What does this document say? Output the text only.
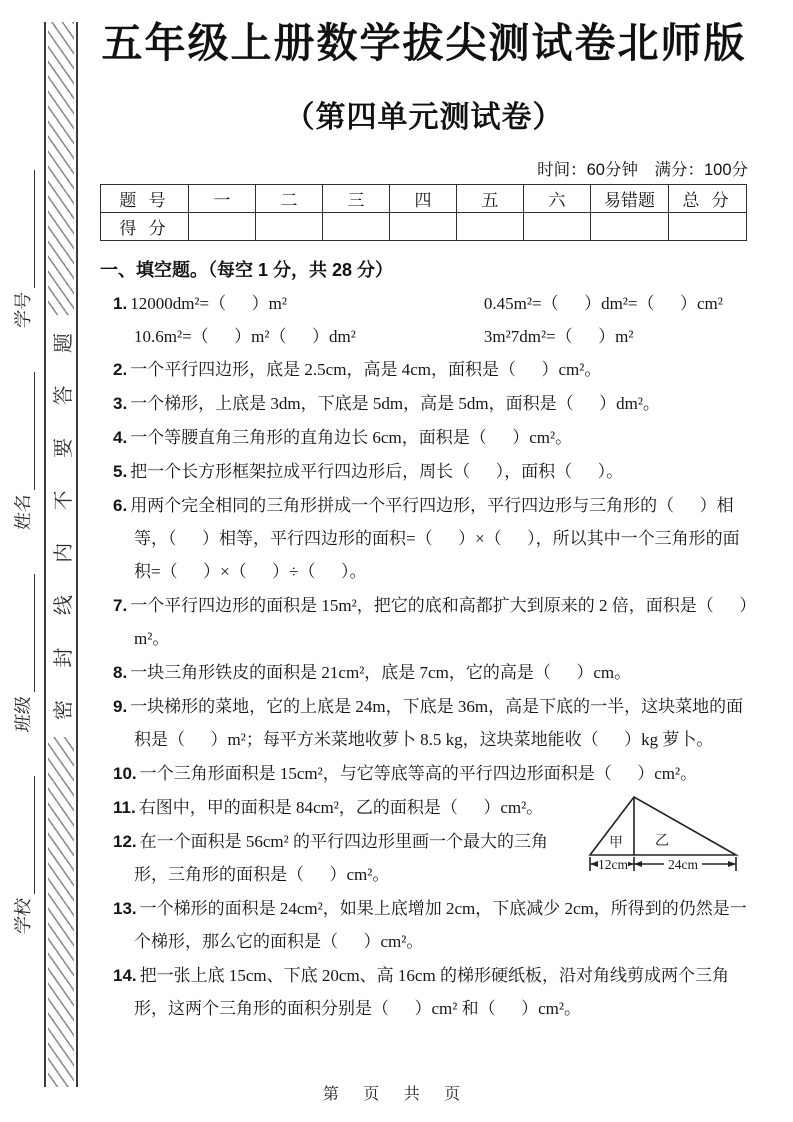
学校
班级
姓名
学号
密
封
线
内
不
要
答
题
五年级上册数学拔尖测试卷北师版
（第四单元测试卷）
时间：60分钟　满分：100分
题 号	一	二	三	四	五	六	易错题	总 分
得 分								
一、填空题。（每空 1 分，共 28 分）
1. 12000dm²=（      ）m²	0.45m²=（      ）dm²=（      ）cm²
10.6m²=（      ）m²（      ）dm²	3m²7dm²=（      ）m²
2. 一个平行四边形，底是 2.5cm，高是 4cm，面积是（      ）cm²。
3. 一个梯形，上底是 3dm，下底是 5dm，高是 5dm，面积是（      ）dm²。
4. 一个等腰直角三角形的直角边长 6cm，面积是（      ）cm²。
5. 把一个长方形框架拉成平行四边形后，周长（      ），面积（      ）。
6. 用两个完全相同的三角形拼成一个平行四边形，平行四边形与三角形的（      ）相等，（      ）相等，平行四边形的面积=（      ）×（      ），所以其中一个三角形的面积=（      ）×（      ）÷（      ）。
7. 一个平行四边形的面积是 15m²，把它的底和高都扩大到原来的 2 倍，面积是（      ）m²。
8. 一块三角形铁皮的面积是 21cm²，底是 7cm，它的高是（      ）cm。
9. 一块梯形的菜地，它的上底是 24m，下底是 36m，高是下底的一半，这块菜地的面积是（      ）m²；每平方米菜地收萝卜 8.5 kg，这块菜地能收（      ）kg 萝卜。
10. 一个三角形面积是 15cm²，与它等底等高的平行四边形面积是（      ）cm²。
甲 乙
12cm	24cm
11. 右图中，甲的面积是 84cm²，乙的面积是（      ）cm²。
12. 在一个面积是 56cm² 的平行四边形里画一个最大的三角形，三角形的面积是（      ）cm²。
13. 一个梯形的面积是 24cm²，如果上底增加 2cm，下底减少 2cm，所得到的仍然是一个梯形，那么它的面积是（      ）cm²。
14. 把一张上底 15cm、下底 20cm、高 16cm 的梯形硬纸板，沿对角线剪成两个三角形，这两个三角形的面积分别是（      ）cm² 和（      ）cm²。
第 页 共 页
